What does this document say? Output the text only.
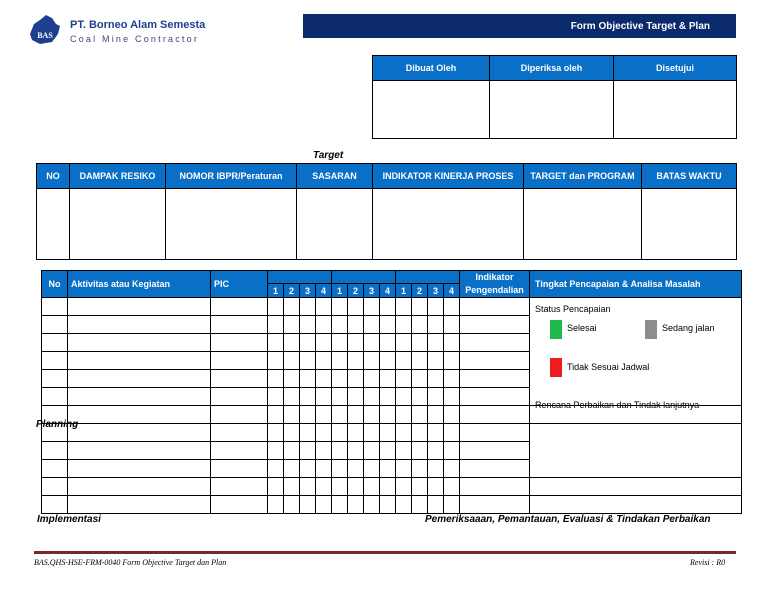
BAS
PT. Borneo Alam Semesta
Coal Mine Contractor
Form Objective Target & Plan
Dibuat Oleh	Diperiksa oleh	Disetujui

Target
NO	DAMPAK RESIKO	NOMOR IBPR/Peraturan	SASARAN	INDIKATOR KINERJA PROSES	TARGET dan PROGRAM	BATAS WAKTU

No	Aktivitas atau Kegiatan	PIC													Indikator Pengendalian	Tingkat Pencapaian & Analisa Masalah
			1	2	3	4	1	2	3	4	1	2	3	4		

Status Pencapaian
Selesai	Sedang jalan
Tidak Sesuai Jadwal
Rencana Perbaikan dan Tindak lanjutnya
Planning
Implementasi	Pemeriksaaan, Pemantauan, Evaluasi & Tindakan Perbaikan
BAS.QHS-HSE-FRM-0040 Form Objective Target dan Plan	Revisi : R0
